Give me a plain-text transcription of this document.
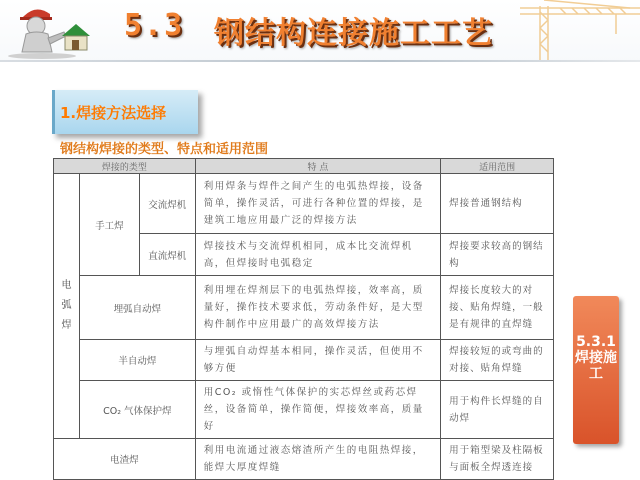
5.3 钢结构连接施工工艺
1.焊接方法选择
钢结构焊接的类型、特点和适用范围
焊接的类型			特 点	适用范围
电弧焊	手工焊	交流焊机	利用焊条与焊件之间产生的电弧热焊接，设备简单，操作灵活，可进行各种位置的焊接，是建筑工地应用最广泛的焊接方法	焊接普通钢结构
		直流焊机	焊接技术与交流焊机相同，成本比交流焊机高，但焊接时电弧稳定	焊接要求较高的钢结构
	埋弧自动焊		利用埋在焊剂层下的电弧热焊接，效率高，质量好，操作技术要求低，劳动条件好，是大型构件制作中应用最广的高效焊接方法	焊接长度较大的对接、贴角焊缝，一般是有规律的直焊缝
	半自动焊		与埋弧自动焊基本相同，操作灵活，但使用不够方便	焊接较短的或弯曲的对接、贴角焊缝
	CO₂ 气体保护焊		用CO₂ 或惰性气体保护的实芯焊丝或药芯焊丝，设备简单，操作简便，焊接效率高，质量好	用于构件长焊缝的自动焊
电渣焊			利用电流通过液态熔渣所产生的电阻热焊接，能焊大厚度焊缝	用于箱型梁及柱隔板与面板全焊透连接
5.3.1焊接施工
